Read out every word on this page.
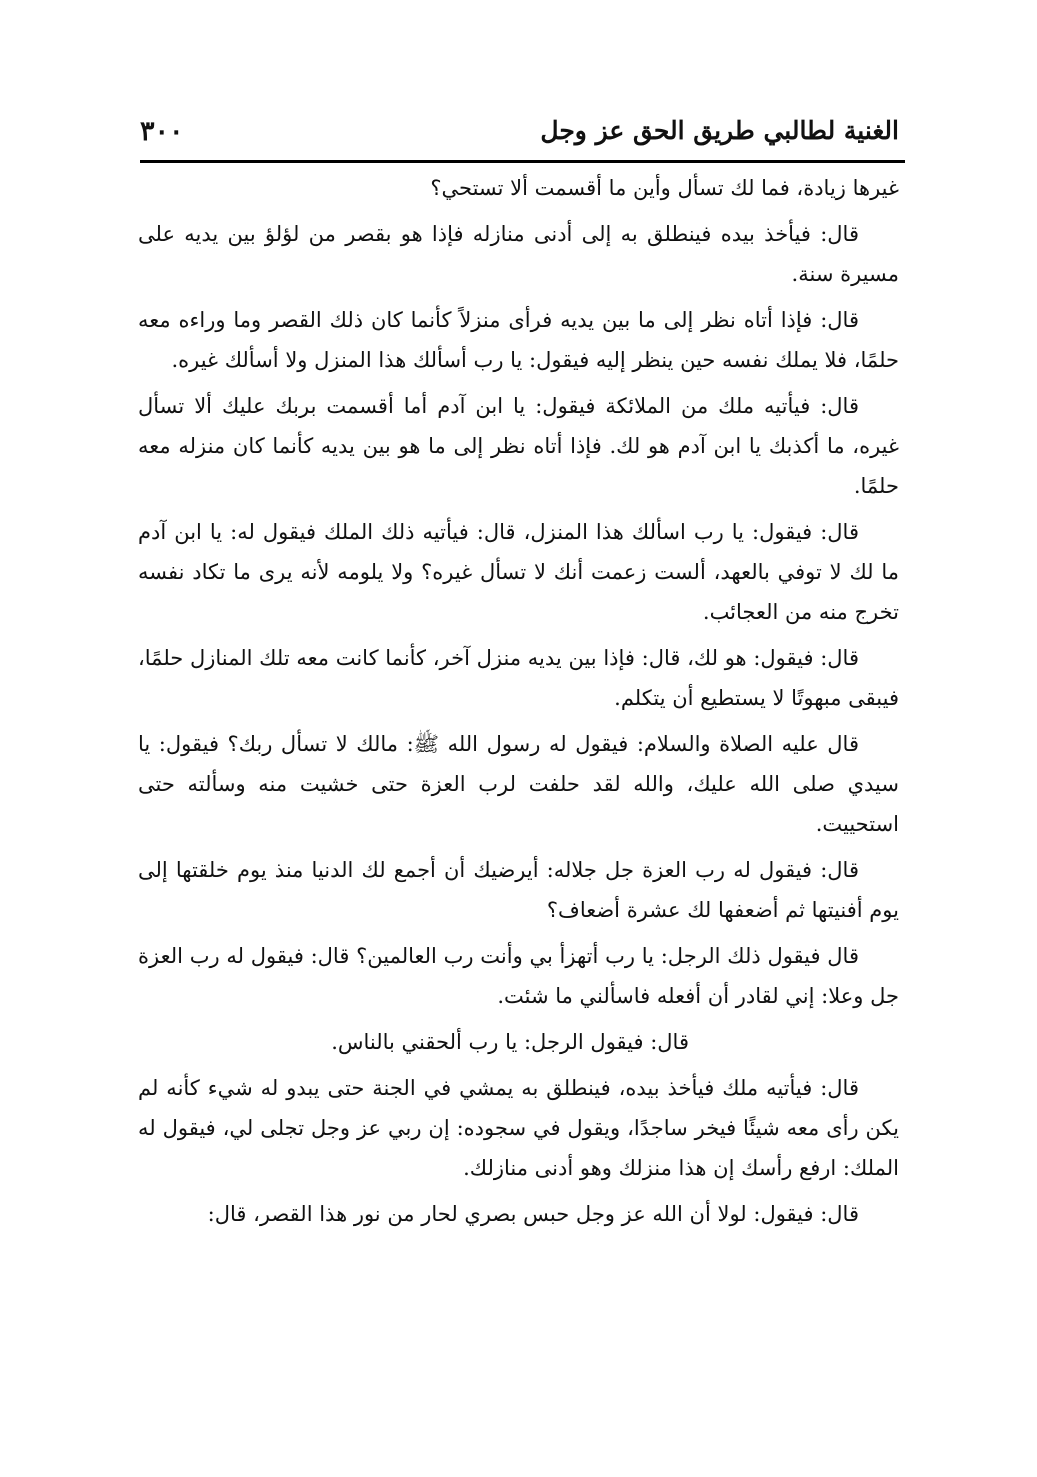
الغنية لطالبي طريق الحق عز وجل
٣٠٠

غيرها زيادة، فما لك تسأل وأين ما أقسمت ألا تستحي؟

قال: فيأخذ بيده فينطلق به إلى أدنى منازله فإذا هو بقصر من لؤلؤ بين يديه على مسيرة سنة.

قال: فإذا أتاه نظر إلى ما بين يديه فرأى منزلاً كأنما كان ذلك القصر وما وراءه معه حلمًا، فلا يملك نفسه حين ينظر إليه فيقول: يا رب أسألك هذا المنزل ولا أسألك غيره.

قال: فيأتيه ملك من الملائكة فيقول: يا ابن آدم أما أقسمت بربك عليك ألا تسأل غيره، ما أكذبك يا ابن آدم هو لك. فإذا أتاه نظر إلى ما هو بين يديه كأنما كان منزله معه حلمًا.

قال: فيقول: يا رب اسألك هذا المنزل، قال: فيأتيه ذلك الملك فيقول له: يا ابن آدم ما لك لا توفي بالعهد، ألست زعمت أنك لا تسأل غيره؟ ولا يلومه لأنه يرى ما تكاد نفسه تخرج منه من العجائب.

قال: فيقول: هو لك، قال: فإذا بين يديه منزل آخر، كأنما كانت معه تلك المنازل حلمًا، فيبقى مبهوتًا لا يستطيع أن يتكلم.

قال عليه الصلاة والسلام: فيقول له رسول الله ﷺ: مالك لا تسأل ربك؟ فيقول: يا سيدي صلى الله عليك، والله لقد حلفت لرب العزة حتى خشيت منه وسألته حتى استحييت.

قال: فيقول له رب العزة جل جلاله: أيرضيك أن أجمع لك الدنيا منذ يوم خلقتها إلى يوم أفنيتها ثم أضعفها لك عشرة أضعاف؟

قال فيقول ذلك الرجل: يا رب أتهزأ بي وأنت رب العالمين؟ قال: فيقول له رب العزة جل وعلا: إني لقادر أن أفعله فاسألني ما شئت.

قال: فيقول الرجل: يا رب ألحقني بالناس.

قال: فيأتيه ملك فيأخذ بيده، فينطلق به يمشي في الجنة حتى يبدو له شيء كأنه لم يكن رأى معه شيئًا فيخر ساجدًا، ويقول في سجوده: إن ربي عز وجل تجلى لي، فيقول له الملك: ارفع رأسك إن هذا منزلك وهو أدنى منازلك.

قال: فيقول: لولا أن الله عز وجل حبس بصري لحار من نور هذا القصر، قال:
